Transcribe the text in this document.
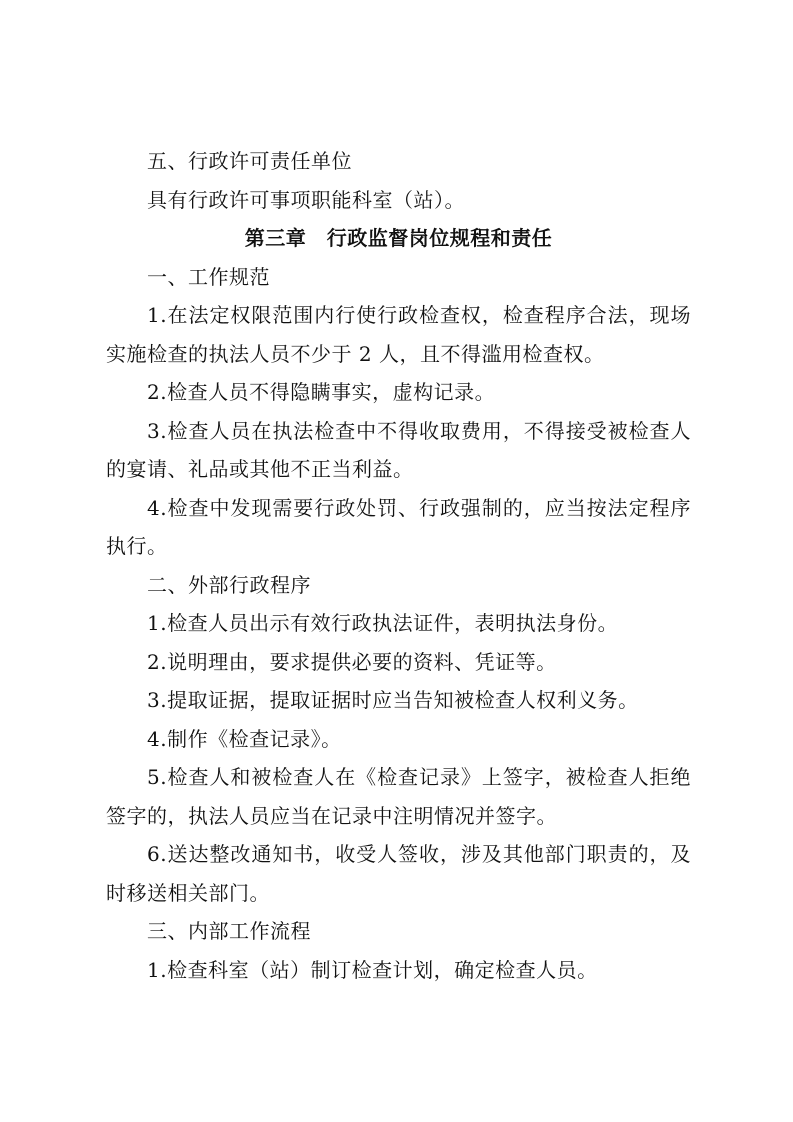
五、行政许可责任单位

具有行政许可事项职能科室（站）。

第三章　行政监督岗位规程和责任

一、工作规范

1.在法定权限范围内行使行政检查权，检查程序合法，现场实施检查的执法人员不少于 2 人，且不得滥用检查权。

2.检查人员不得隐瞒事实，虚构记录。

3.检查人员在执法检查中不得收取费用，不得接受被检查人的宴请、礼品或其他不正当利益。

4.检查中发现需要行政处罚、行政强制的，应当按法定程序执行。

二、外部行政程序

1.检查人员出示有效行政执法证件，表明执法身份。

2.说明理由，要求提供必要的资料、凭证等。

3.提取证据，提取证据时应当告知被检查人权利义务。

4.制作《检查记录》。

5.检查人和被检查人在《检查记录》上签字，被检查人拒绝签字的，执法人员应当在记录中注明情况并签字。

6.送达整改通知书，收受人签收，涉及其他部门职责的，及时移送相关部门。

三、内部工作流程

1.检查科室（站）制订检查计划，确定检查人员。
